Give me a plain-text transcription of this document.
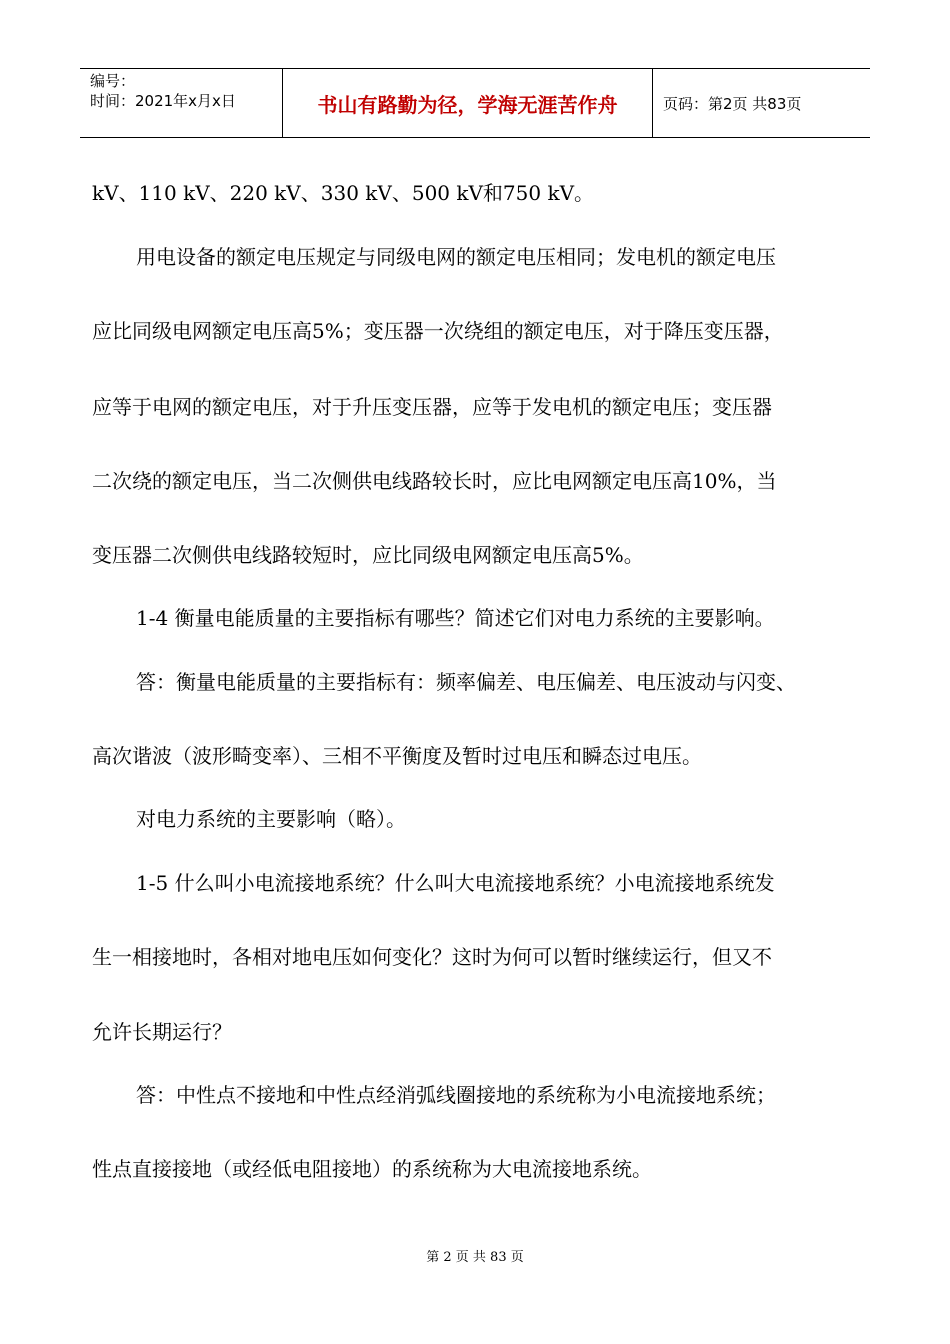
编号：
时间：2021年x月x日	书山有路勤为径，学海无涯苦作舟	页码：第2页 共83页
kV、110 kV、220 kV、330 kV、500 kV和750 kV。
用电设备的额定电压规定与同级电网的额定电压相同；发电机的额定电压
应比同级电网额定电压高5%；变压器一次绕组的额定电压，对于降压变压器，
应等于电网的额定电压，对于升压变压器，应等于发电机的额定电压；变压器
二次绕的额定电压，当二次侧供电线路较长时，应比电网额定电压高10%，当
变压器二次侧供电线路较短时，应比同级电网额定电压高5%。
1-4 衡量电能质量的主要指标有哪些？简述它们对电力系统的主要影响。
答：衡量电能质量的主要指标有：频率偏差、电压偏差、电压波动与闪变、
高次谐波（波形畸变率）、三相不平衡度及暂时过电压和瞬态过电压。
对电力系统的主要影响（略）。
1-5 什么叫小电流接地系统？什么叫大电流接地系统？小电流接地系统发
生一相接地时，各相对地电压如何变化？这时为何可以暂时继续运行，但又不
允许长期运行？
答：中性点不接地和中性点经消弧线圈接地的系统称为小电流接地系统；
性点直接接地（或经低电阻接地）的系统称为大电流接地系统。
第 2 页 共 83 页
